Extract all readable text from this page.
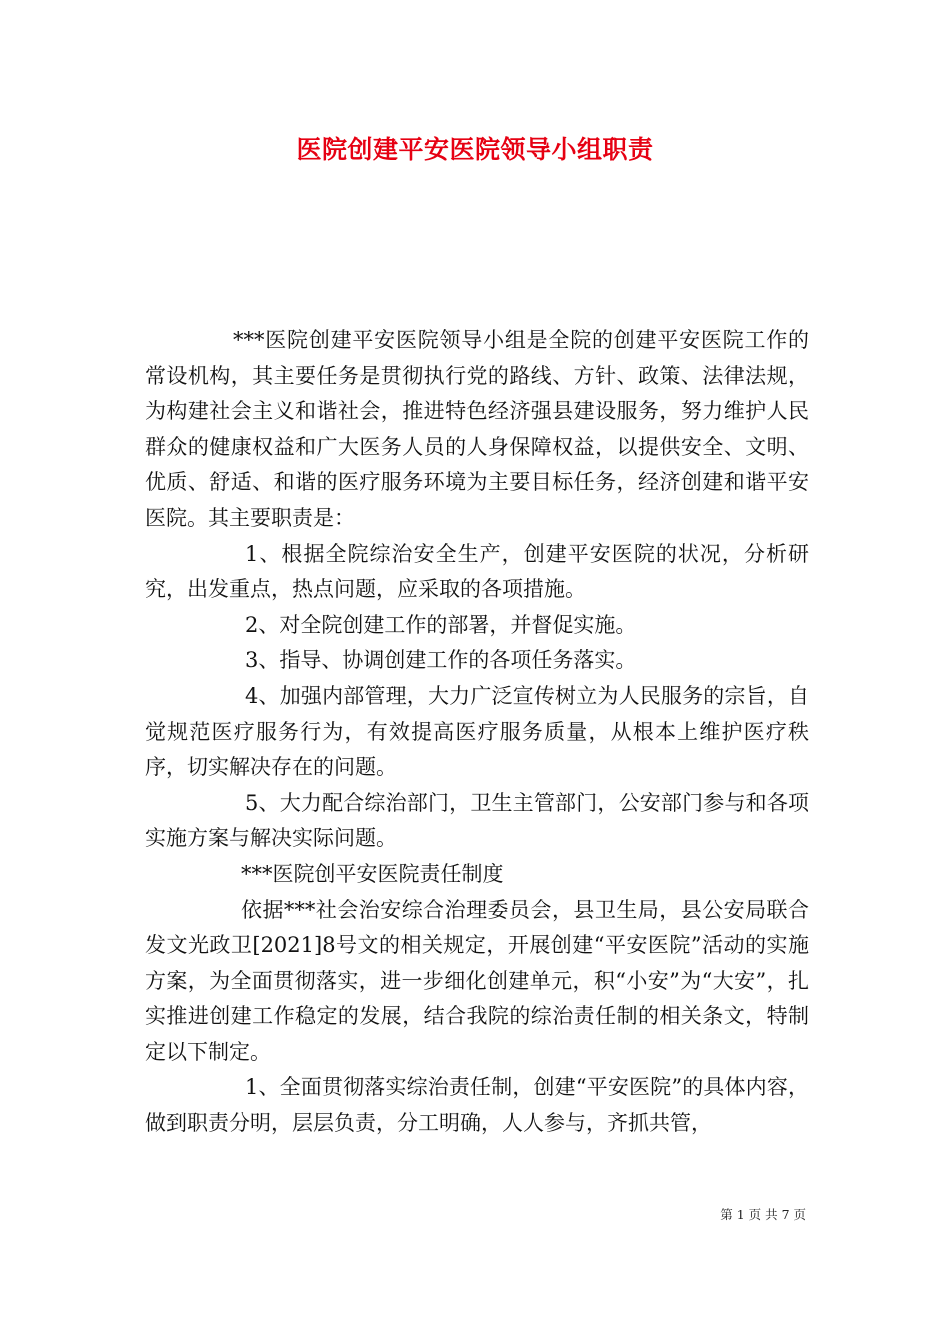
医院创建平安医院领导小组职责

***医院创建平安医院领导小组是全院的创建平安医院工作的常设机构，其主要任务是贯彻执行党的路线、方针、政策、法律法规，为构建社会主义和谐社会，推进特色经济强县建设服务，努力维护人民群众的健康权益和广大医务人员的人身保障权益，以提供安全、文明、优质、舒适、和谐的医疗服务环境为主要目标任务，经济创建和谐平安医院。其主要职责是：

1、根据全院综治安全生产，创建平安医院的状况，分析研究，出发重点，热点问题，应采取的各项措施。

2、对全院创建工作的部署，并督促实施。

3、指导、协调创建工作的各项任务落实。

4、加强内部管理，大力广泛宣传树立为人民服务的宗旨，自觉规范医疗服务行为，有效提高医疗服务质量，从根本上维护医疗秩序，切实解决存在的问题。

5、大力配合综治部门，卫生主管部门，公安部门参与和各项实施方案与解决实际问题。

***医院创平安医院责任制度

依据***社会治安综合治理委员会，县卫生局，县公安局联合发文光政卫[2021]8号文的相关规定，开展创建“平安医院”活动的实施方案，为全面贯彻落实，进一步细化创建单元，积“小安”为“大安”，扎实推进创建工作稳定的发展，结合我院的综治责任制的相关条文，特制定以下制定。

1、全面贯彻落实综治责任制，创建“平安医院”的具体内容，做到职责分明，层层负责，分工明确，人人参与，齐抓共管，

第 1 页 共 7 页
